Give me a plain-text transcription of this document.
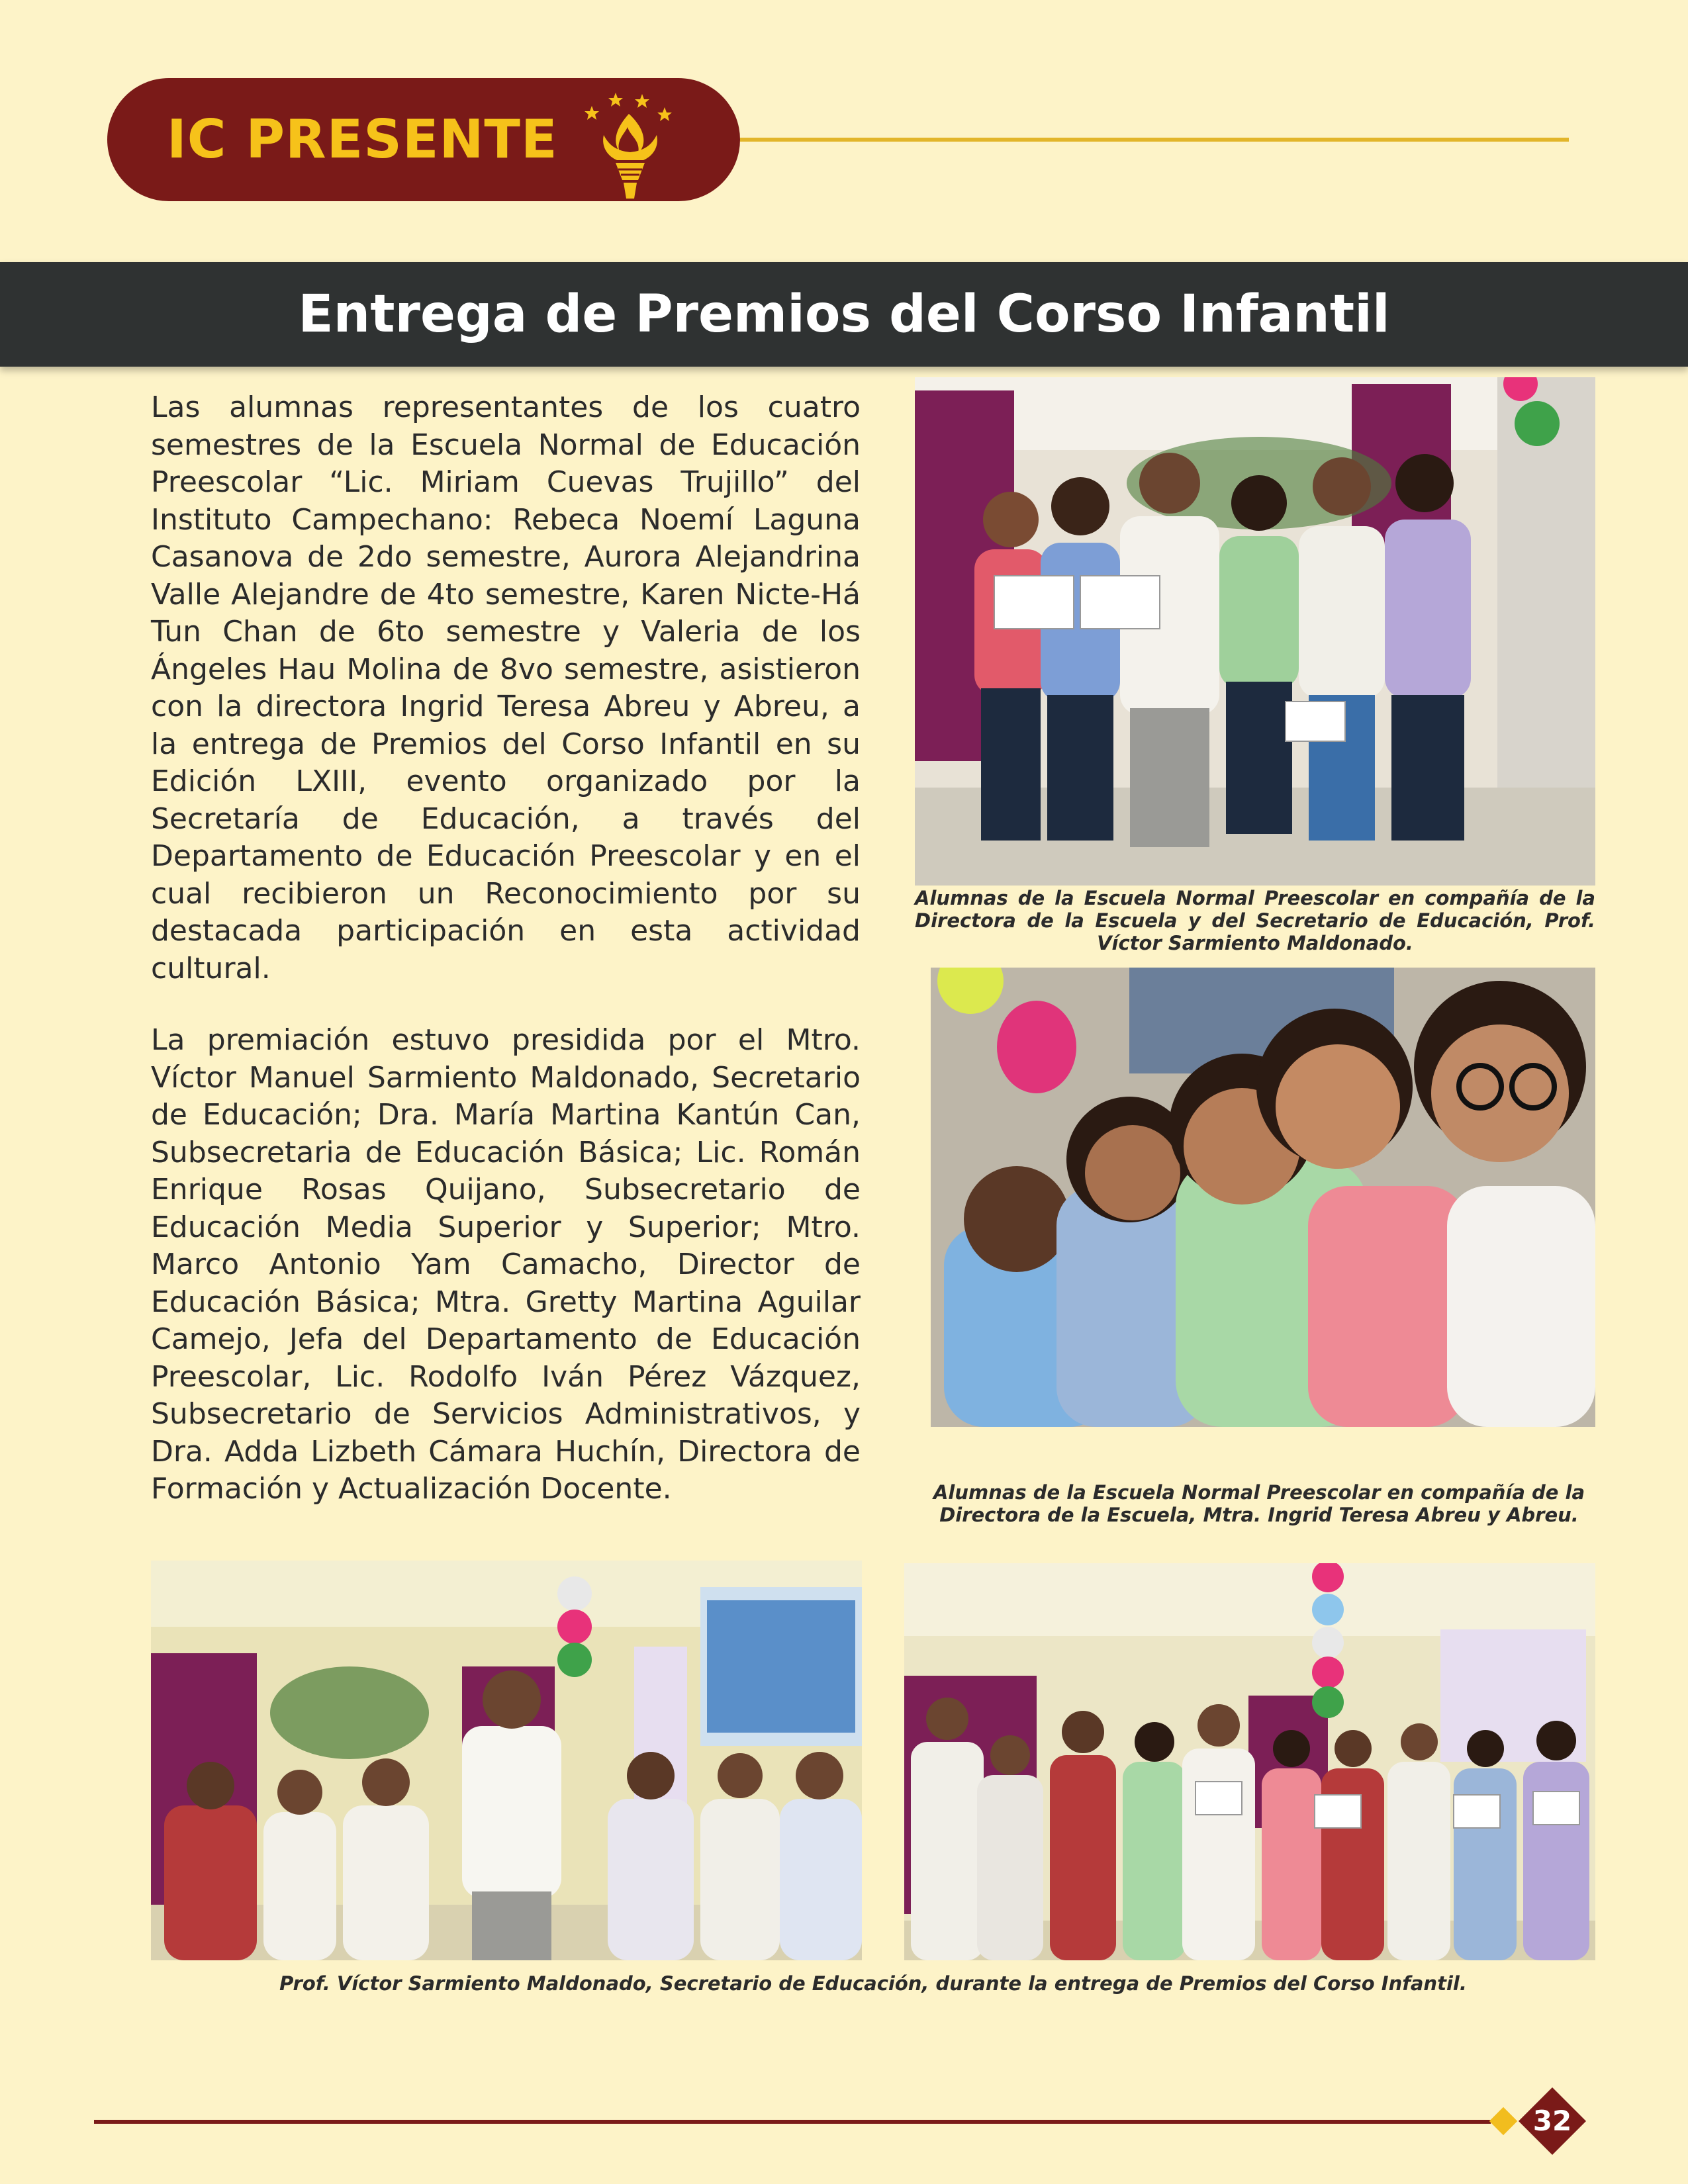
IC PRESENTE
Entrega de Premios del Corso Infantil

Las alumnas representantes de los cuatro semestres de la Escuela Normal de Educación Preescolar “Lic. Miriam Cuevas Trujillo” del Instituto Campechano: Rebeca Noemí Laguna Casanova de 2do semestre, Aurora Alejandrina Valle Alejandre de 4to semestre, Karen Nicte-Há Tun Chan de 6to semestre y Valeria de los Ángeles Hau Molina de 8vo semestre, asistieron con la directora Ingrid Teresa Abreu y Abreu, a la entrega de Premios del Corso Infantil en su Edición LXIII, evento organizado por la Secretaría de Educación, a través del Departamento de Educación Preescolar y en el cual recibieron un Reconocimiento por su destacada participación en esta actividad cultural.

La premiación estuvo presidida por el Mtro. Víctor Manuel Sarmiento Maldonado, Secretario de Educación; Dra. María Martina Kantún Can, Subsecretaria de Educación Básica; Lic. Román Enrique Rosas Quijano, Subsecretario de Educación Media Superior y Superior; Mtro. Marco Antonio Yam Camacho, Director de Educación Básica; Mtra. Gretty Martina Aguilar Camejo, Jefa del Departamento de Educación Preescolar, Lic. Rodolfo Iván Pérez Vázquez, Subsecretario de Servicios Administrativos, y Dra. Adda Lizbeth Cámara Huchín, Directora de Formación y Actualización Docente.

Alumnas de la Escuela Normal Preescolar en compañía de la Directora de la Escuela y del Secretario de Educación, Prof. Víctor Sarmiento Maldonado.

Alumnas de la Escuela Normal Preescolar en compañía de la Directora de la Escuela, Mtra. Ingrid Teresa Abreu y Abreu.

Prof. Víctor Sarmiento Maldonado, Secretario de Educación, durante la entrega de Premios del Corso Infantil.

32
